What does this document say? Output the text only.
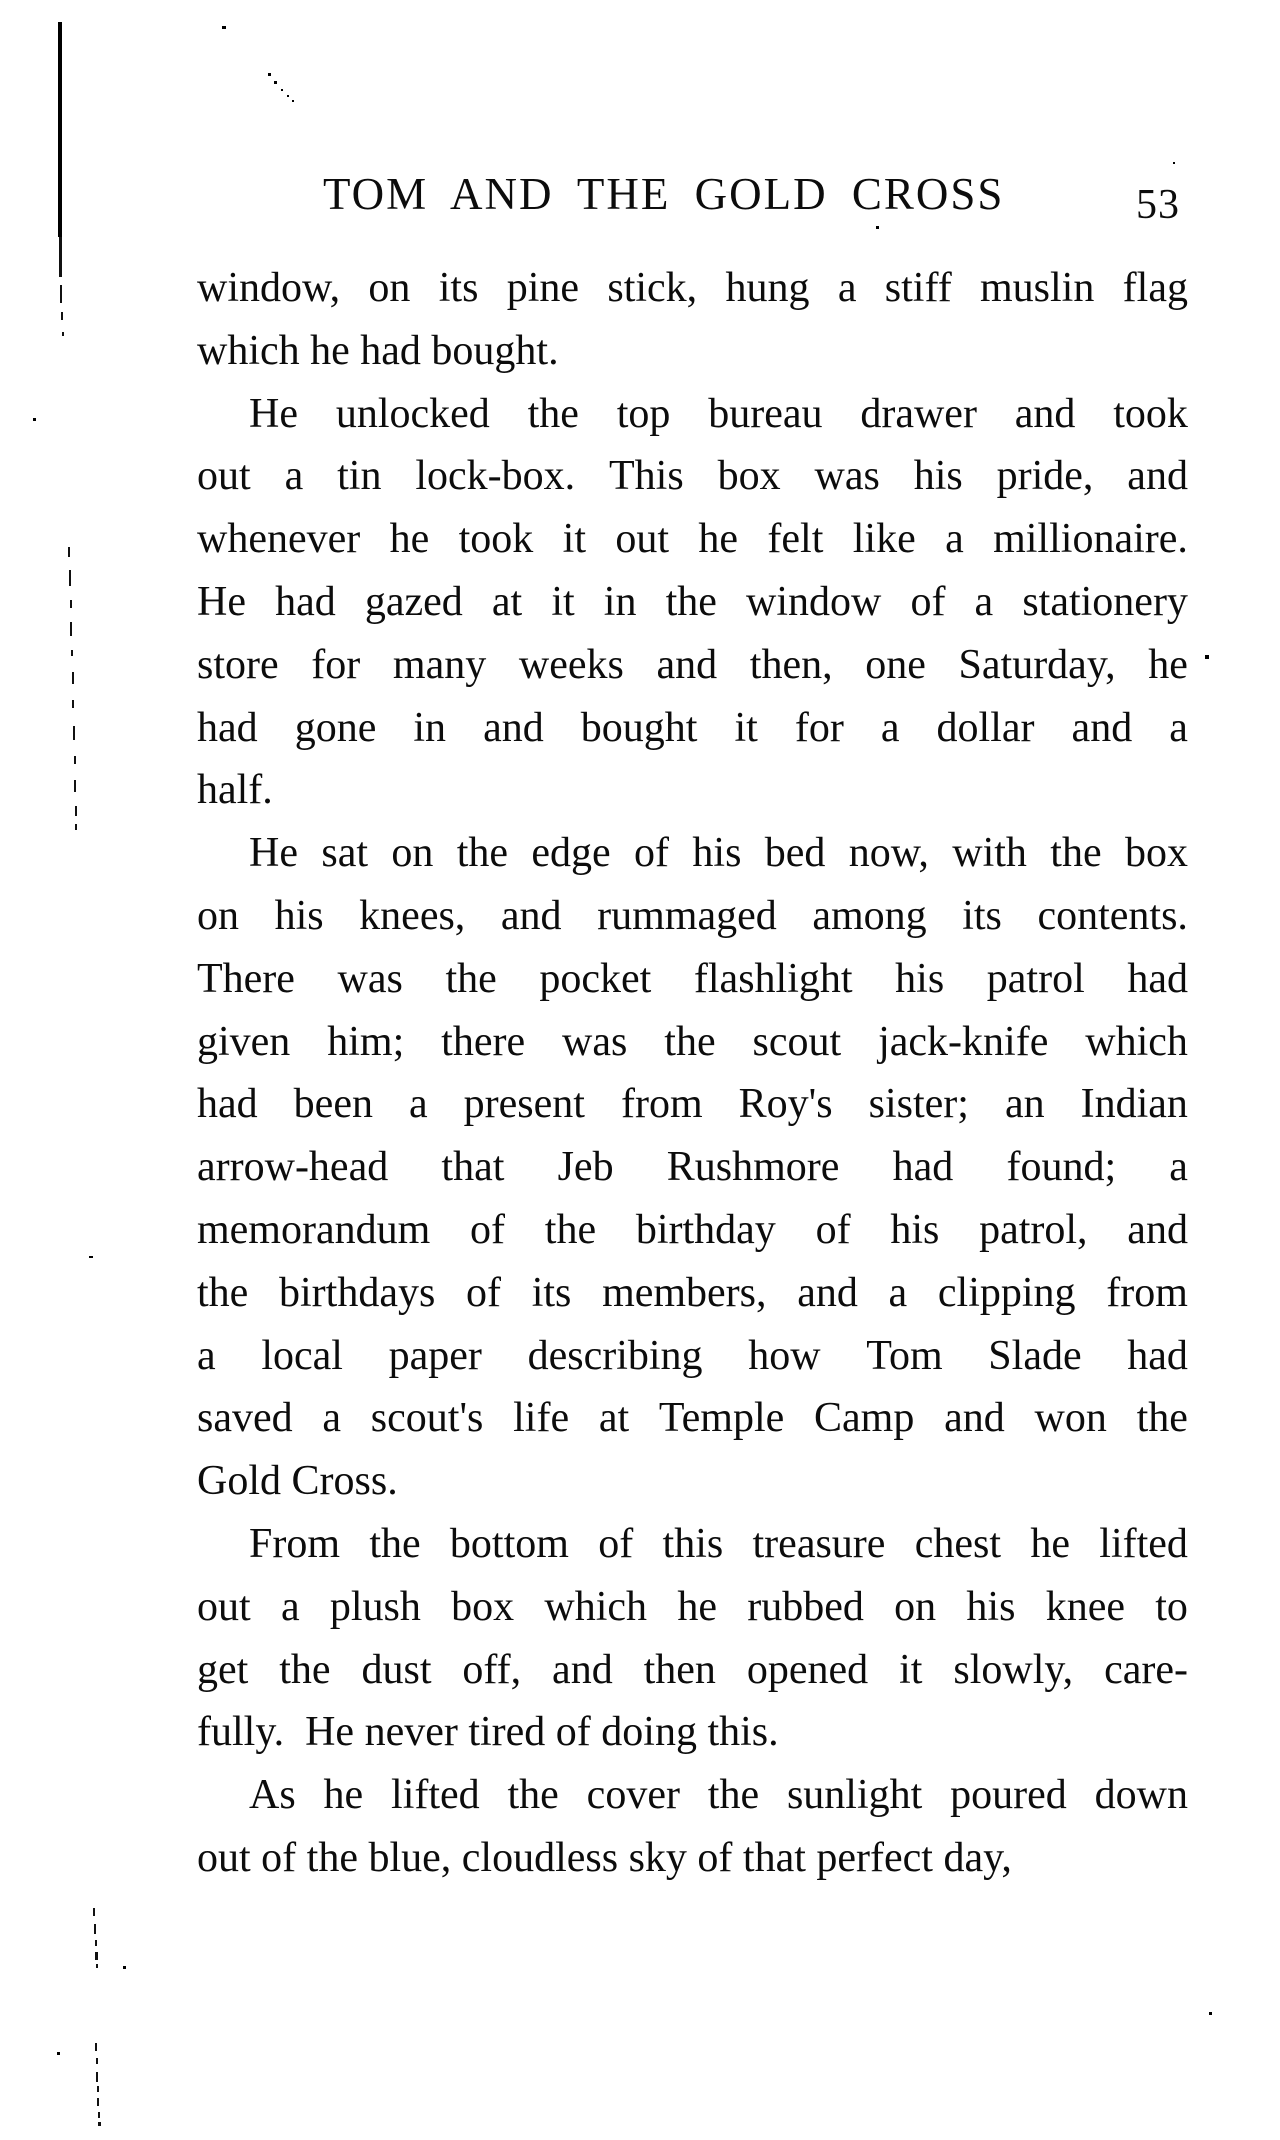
TOM AND THE GOLD CROSS	53
window, on its pine stick, hung a stiff muslin flag
which he had bought.
He unlocked the top bureau drawer and took
out a tin lock-box. This box was his pride, and
whenever he took it out he felt like a millionaire.
He had gazed at it in the window of a stationery
store for many weeks and then, one Saturday, he
had gone in and bought it for a dollar and a
half.
He sat on the edge of his bed now, with the box
on his knees, and rummaged among its contents.
There was the pocket flashlight his patrol had
given him; there was the scout jack-knife which
had been a present from Roy's sister; an Indian
arrow-head that Jeb Rushmore had found; a
memorandum of the birthday of his patrol, and
the birthdays of its members, and a clipping from
a local paper describing how Tom Slade had
saved a scout's life at Temple Camp and won the
Gold Cross.
From the bottom of this treasure chest he lifted
out a plush box which he rubbed on his knee to
get the dust off, and then opened it slowly, care-
fully.  He never tired of doing this.
As he lifted the cover the sunlight poured down
out of the blue, cloudless sky of that perfect day,
